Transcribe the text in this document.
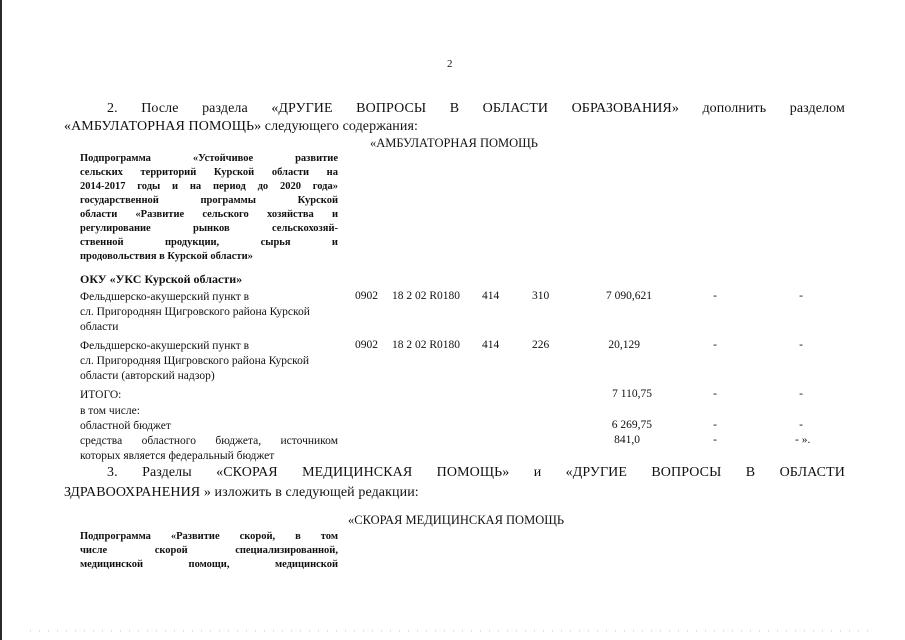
2
2. После раздела «ДРУГИЕ ВОПРОСЫ В ОБЛАСТИ ОБРАЗОВАНИЯ» дополнить разделом
«АМБУЛАТОРНАЯ ПОМОЩЬ» следующего содержания:
«АМБУЛАТОРНАЯ ПОМОЩЬ
Подпрограмма «Устойчивое развитие
сельских территорий Курской области на
2014-2017 годы и на период до 2020 года»
государственной программы Курской
области «Развитие сельского хозяйства и
регулирование рынков сельскохозяй-
ственной продукции, сырья и
продовольствия в Курской области»
ОКУ «УКС Курской области»
Фельдшерско-акушерский пункт в
сл. Пригороднян Щигровского района Курской
области
0902 18 2 02 R0180 414	310	7 090,621	-	-
Фельдшерско-акушерский пункт в
сл. Пригородняя Щигровского района Курской
области (авторский надзор)
0902 18 2 02 R0180 414	226	20,129	-	-
ИТОГО:	7 110,75	-	-
в том числе:
областной бюджет	6 269,75	-	-
средства областного бюджета, источником
которых является федеральный бюджет
841,0	-	- ».
3. Разделы «СКОРАЯ МЕДИЦИНСКАЯ ПОМОЩЬ» и «ДРУГИЕ ВОПРОСЫ В ОБЛАСТИ
ЗДРАВООХРАНЕНИЯ » изложить в следующей редакции:
«СКОРАЯ МЕДИЦИНСКАЯ ПОМОЩЬ
Подпрограмма «Развитие скорой, в том
числе скорой специализированной,
медицинской помощи, медицинской
